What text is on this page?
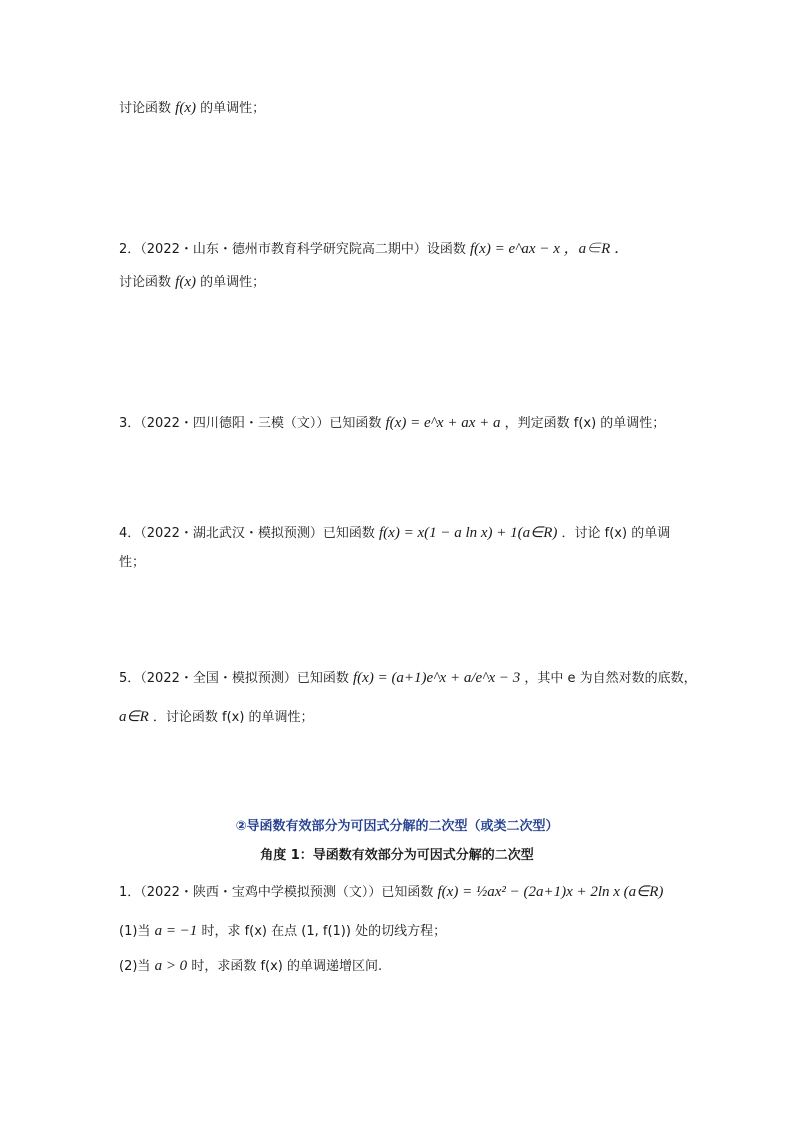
讨论函数 f(x) 的单调性；
2．（2022・山东・德州市教育科学研究院高二期中）设函数 f(x) = e^ax − x ，a∈R ．
讨论函数 f(x) 的单调性；
3．（2022・四川德阳・三模（文））已知函数 f(x) = e^x + ax + a ，判定函数 f(x) 的单调性；
4．（2022・湖北武汉・模拟预测）已知函数 f(x) = x(1 − a ln x) + 1(a∈R) ．讨论 f(x) 的单调
性；
5．（2022・全国・模拟预测）已知函数 f(x) = (a+1)e^x + a/e^x − 3 ，其中 e 为自然对数的底数，
a∈R ．讨论函数 f(x) 的单调性；
②导函数有效部分为可因式分解的二次型（或类二次型）
角度 1：导函数有效部分为可因式分解的二次型
1．（2022・陕西・宝鸡中学模拟预测（文））已知函数 f(x) = ½ax² − (2a+1)x + 2ln x (a∈R)
(1)当 a = −1 时，求 f(x) 在点 (1, f(1)) 处的切线方程；
(2)当 a > 0 时，求函数 f(x) 的单调递增区间.
